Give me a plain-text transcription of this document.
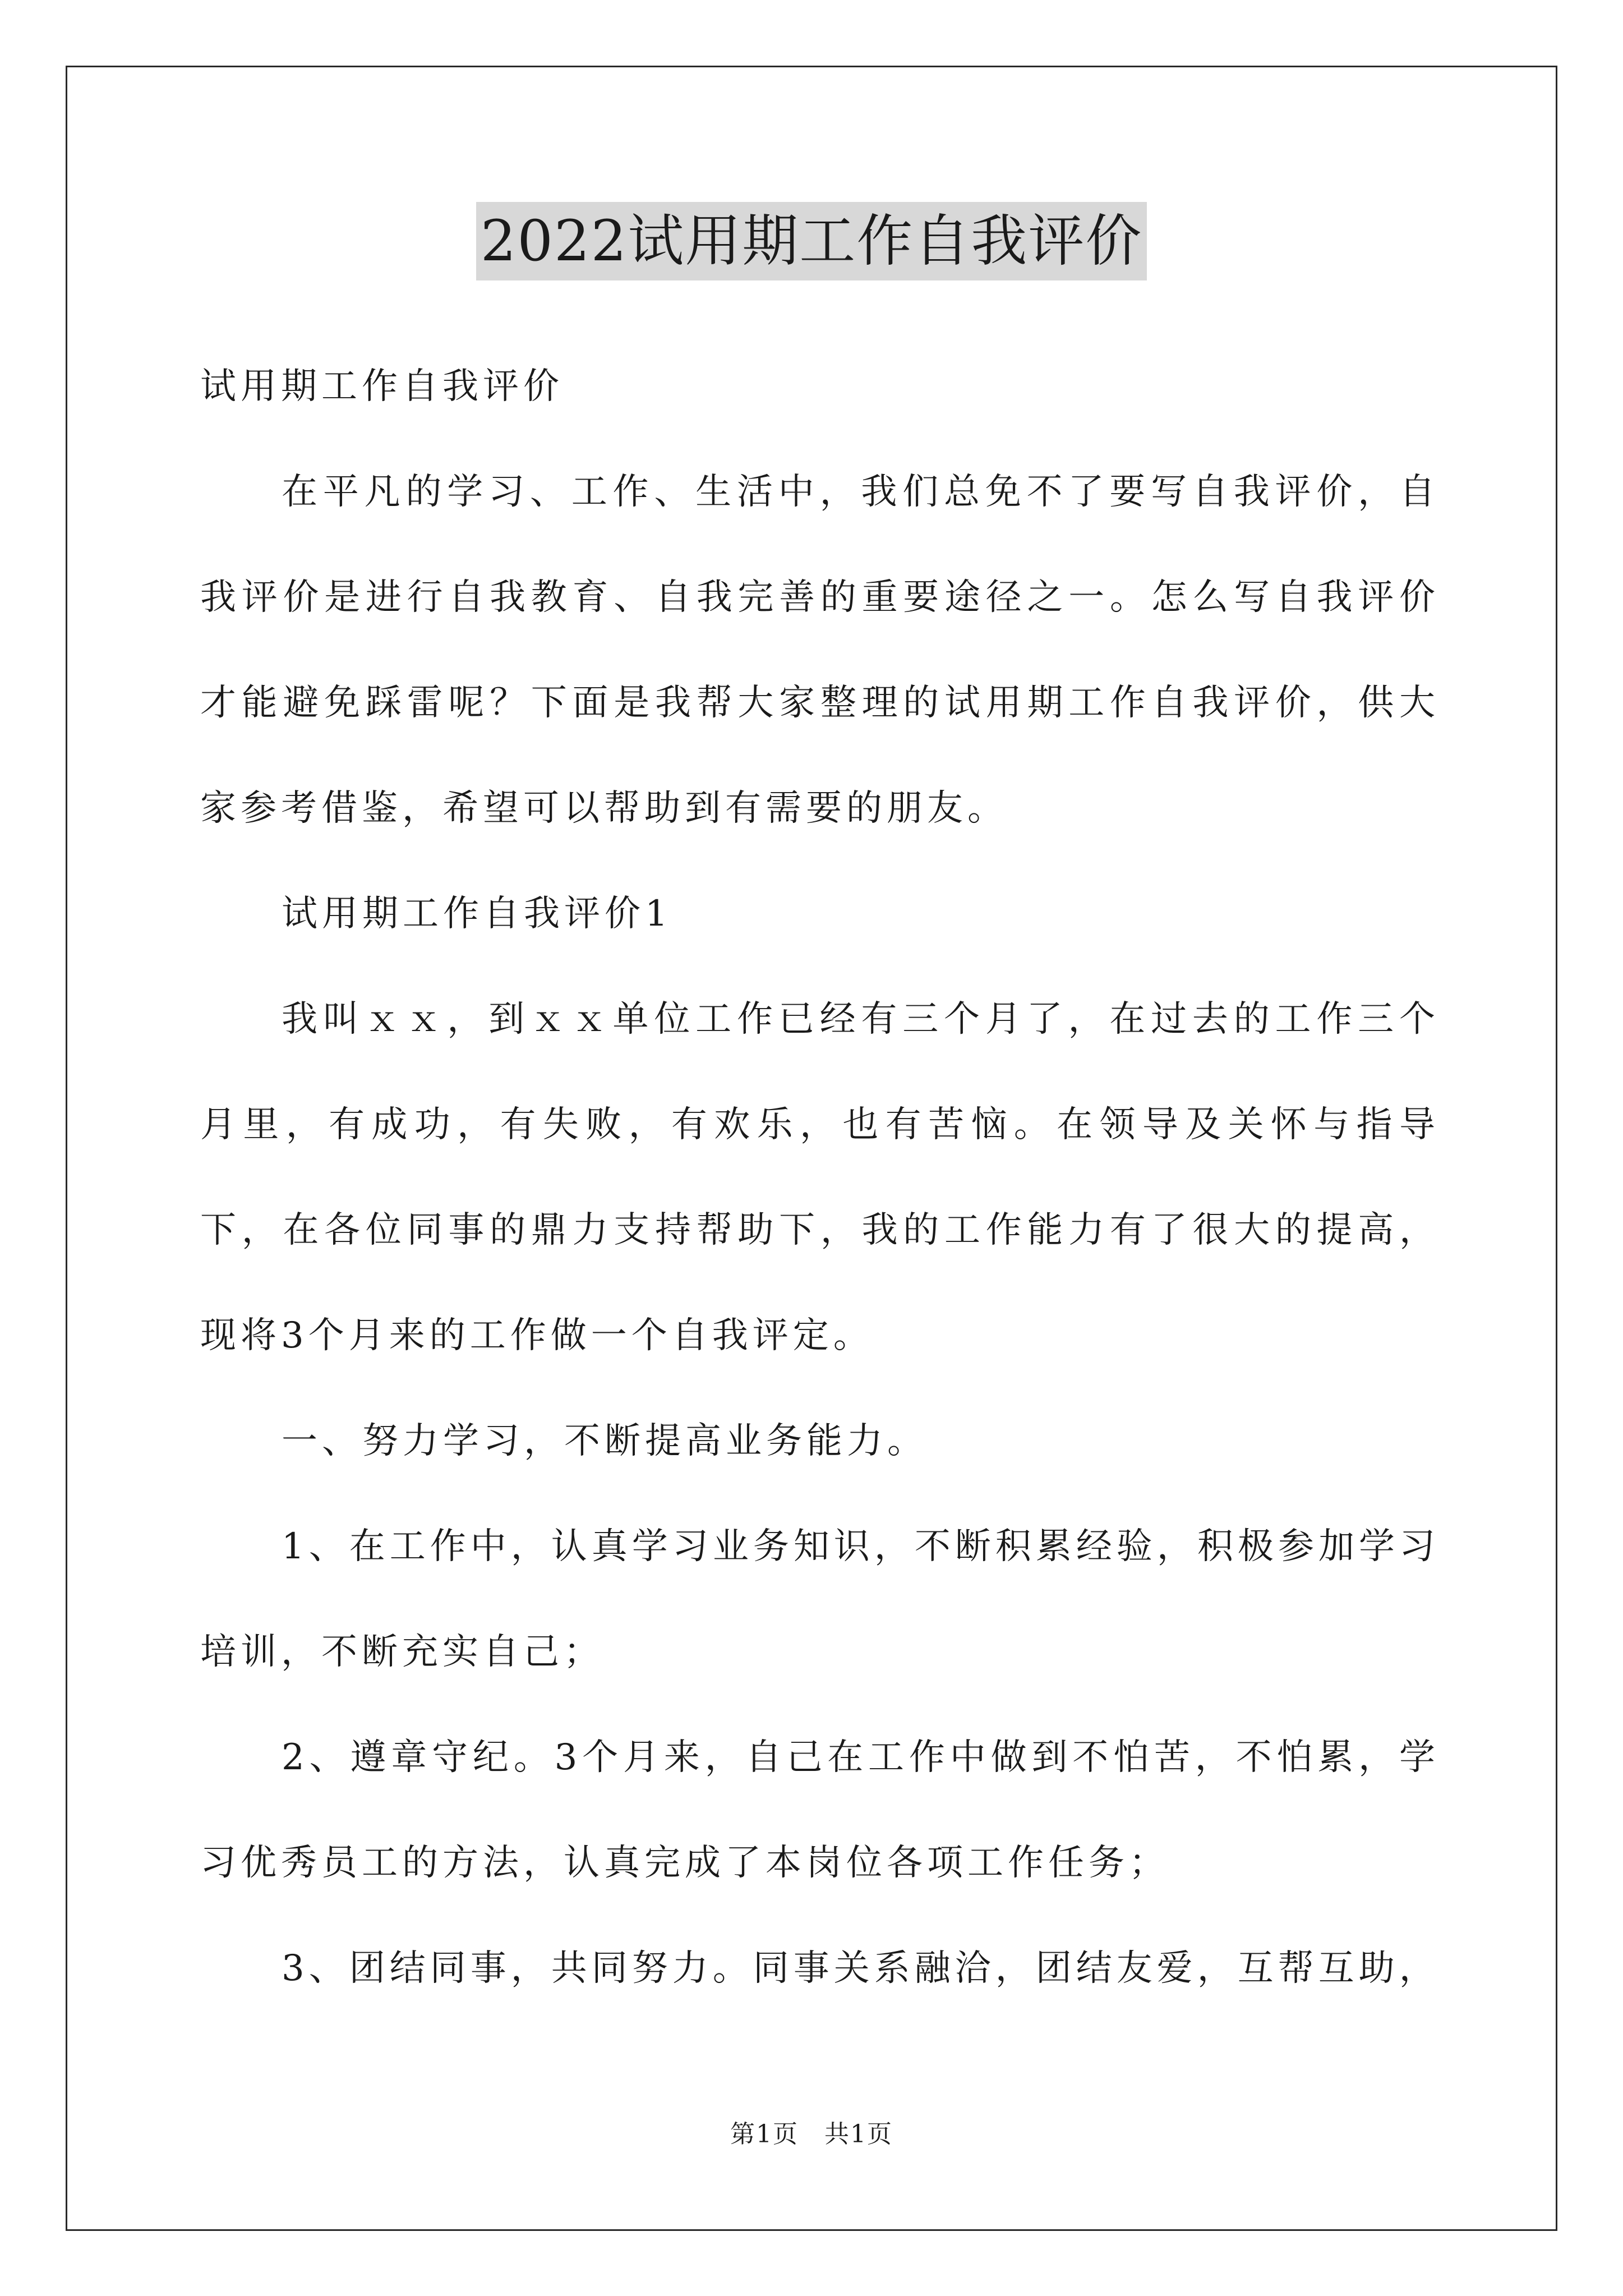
2022试用期工作自我评价

试用期工作自我评价

在平凡的学习、工作、生活中，我们总免不了要写自我评价，自我评价是进行自我教育、自我完善的重要途径之一。怎么写自我评价才能避免踩雷呢？下面是我帮大家整理的试用期工作自我评价，供大家参考借鉴，希望可以帮助到有需要的朋友。

试用期工作自我评价1

我叫ｘｘ，到ｘｘ单位工作已经有三个月了，在过去的工作三个月里，有成功，有失败，有欢乐，也有苦恼。在领导及关怀与指导下，在各位同事的鼎力支持帮助下，我的工作能力有了很大的提高，现将3个月来的工作做一个自我评定。

一、努力学习，不断提高业务能力。

1、在工作中，认真学习业务知识，不断积累经验，积极参加学习培训，不断充实自己；

2、遵章守纪。3个月来，自己在工作中做到不怕苦，不怕累，学习优秀员工的方法，认真完成了本岗位各项工作任务；

3、团结同事，共同努力。同事关系融洽，团结友爱，互帮互助，

第1页　共1页
